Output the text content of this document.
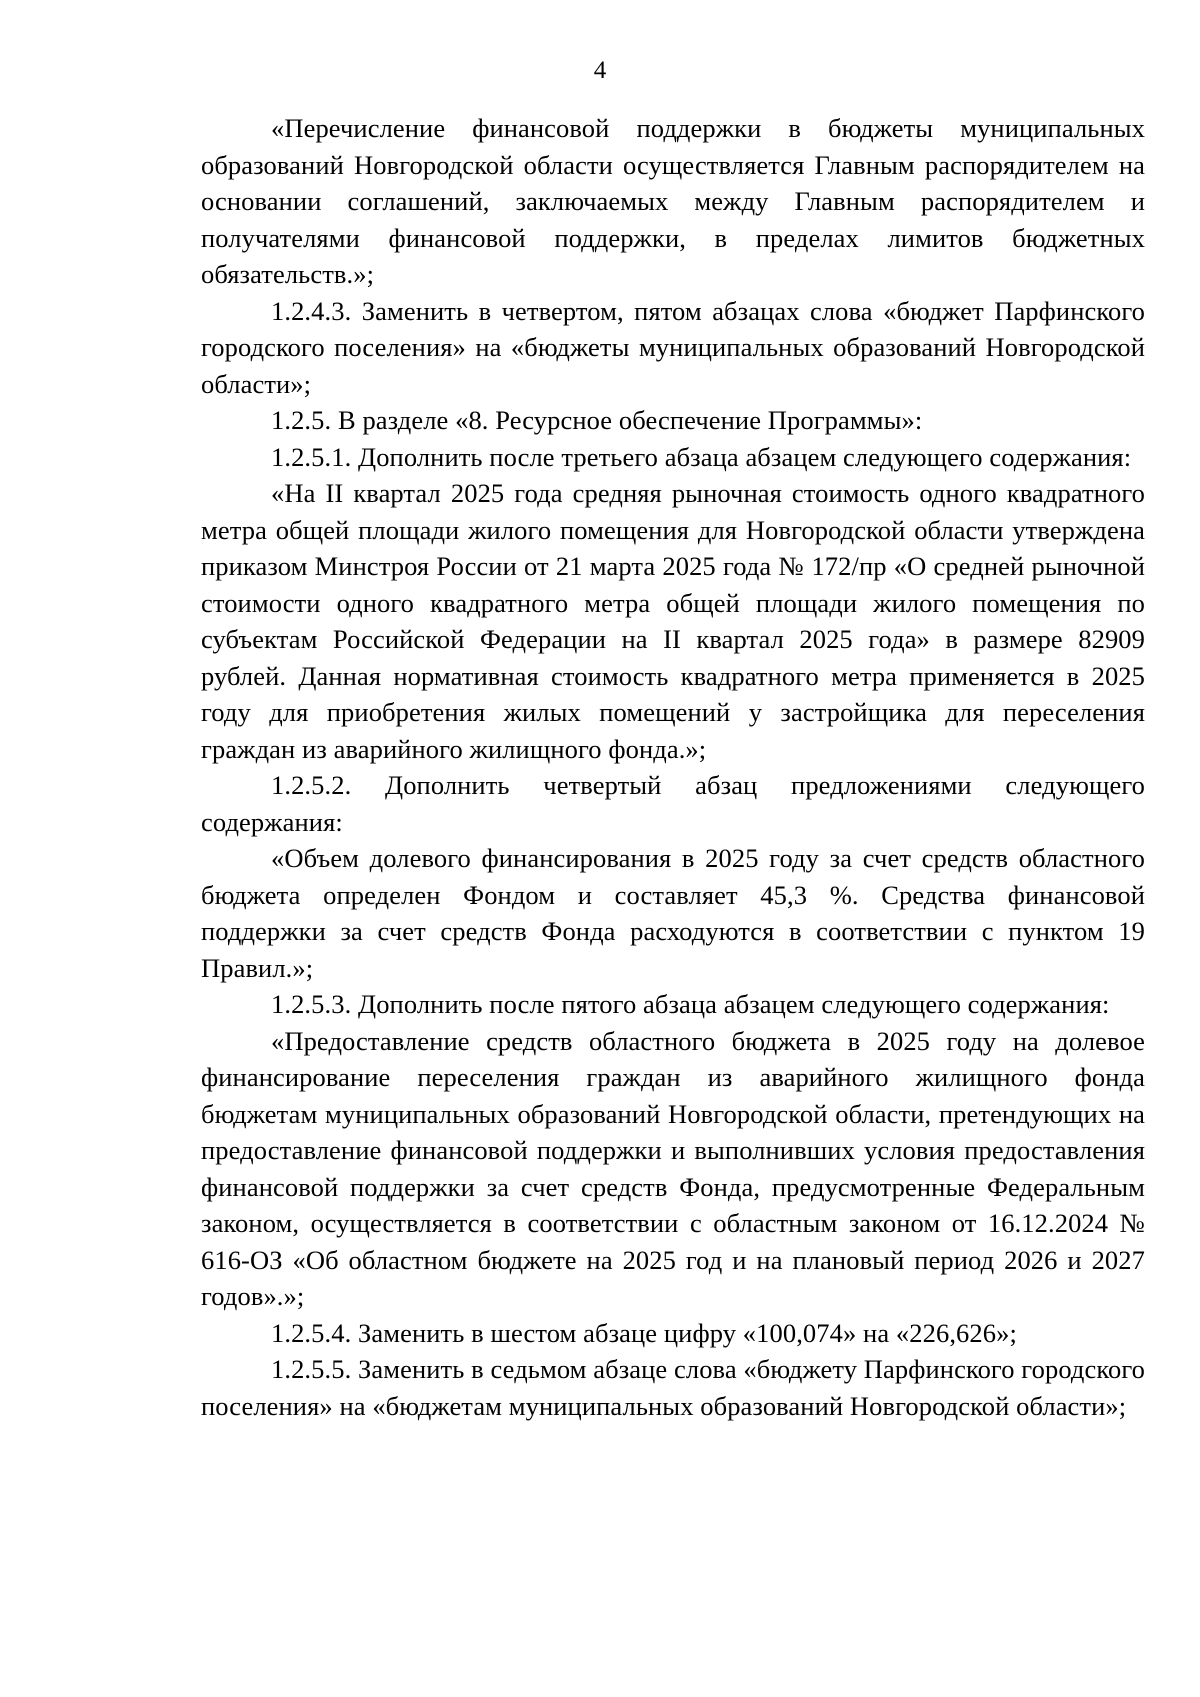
4

«Перечисление финансовой поддержки в бюджеты муниципальных образований Новгородской области осуществляется Главным распорядителем на основании соглашений, заключаемых между Главным распорядителем и получателями финансовой поддержки, в пределах лимитов бюджетных обязательств.»;

1.2.4.3. Заменить в четвертом, пятом абзацах слова «бюджет Парфинского городского поселения» на «бюджеты муниципальных образований Новгородской области»;

1.2.5. В разделе «8. Ресурсное обеспечение Программы»:

1.2.5.1. Дополнить после третьего абзаца абзацем следующего содержания:

«На II квартал 2025 года средняя рыночная стоимость одного квадратного метра общей площади жилого помещения для Новгородской области утверждена приказом Минстроя России от 21 марта 2025 года № 172/пр «О средней рыночной стоимости одного квадратного метра общей площади жилого помещения по субъектам Российской Федерации на II квартал 2025 года» в размере 82909 рублей. Данная нормативная стоимость квадратного метра применяется в 2025 году для приобретения жилых помещений у застройщика для переселения граждан из аварийного жилищного фонда.»;

1.2.5.2. Дополнить четвертый абзац предложениями следующего содержания:

«Объем долевого финансирования в 2025 году за счет средств областного бюджета определен Фондом и составляет 45,3 %. Средства финансовой поддержки за счет средств Фонда расходуются в соответствии с пунктом 19 Правил.»;

1.2.5.3. Дополнить после пятого абзаца абзацем следующего содержания:

«Предоставление средств областного бюджета в 2025 году на долевое финансирование переселения граждан из аварийного жилищного фонда бюджетам муниципальных образований Новгородской области, претендующих на предоставление финансовой поддержки и выполнивших условия предоставления финансовой поддержки за счет средств Фонда, предусмотренные Федеральным законом, осуществляется в соответствии с областным законом от 16.12.2024 № 616-ОЗ «Об областном бюджете на 2025 год и на плановый период 2026 и 2027 годов».»;

1.2.5.4. Заменить в шестом абзаце цифру «100,074» на «226,626»;

1.2.5.5. Заменить в седьмом абзаце слова «бюджету Парфинского городского поселения» на «бюджетам муниципальных образований Новгородской области»;
